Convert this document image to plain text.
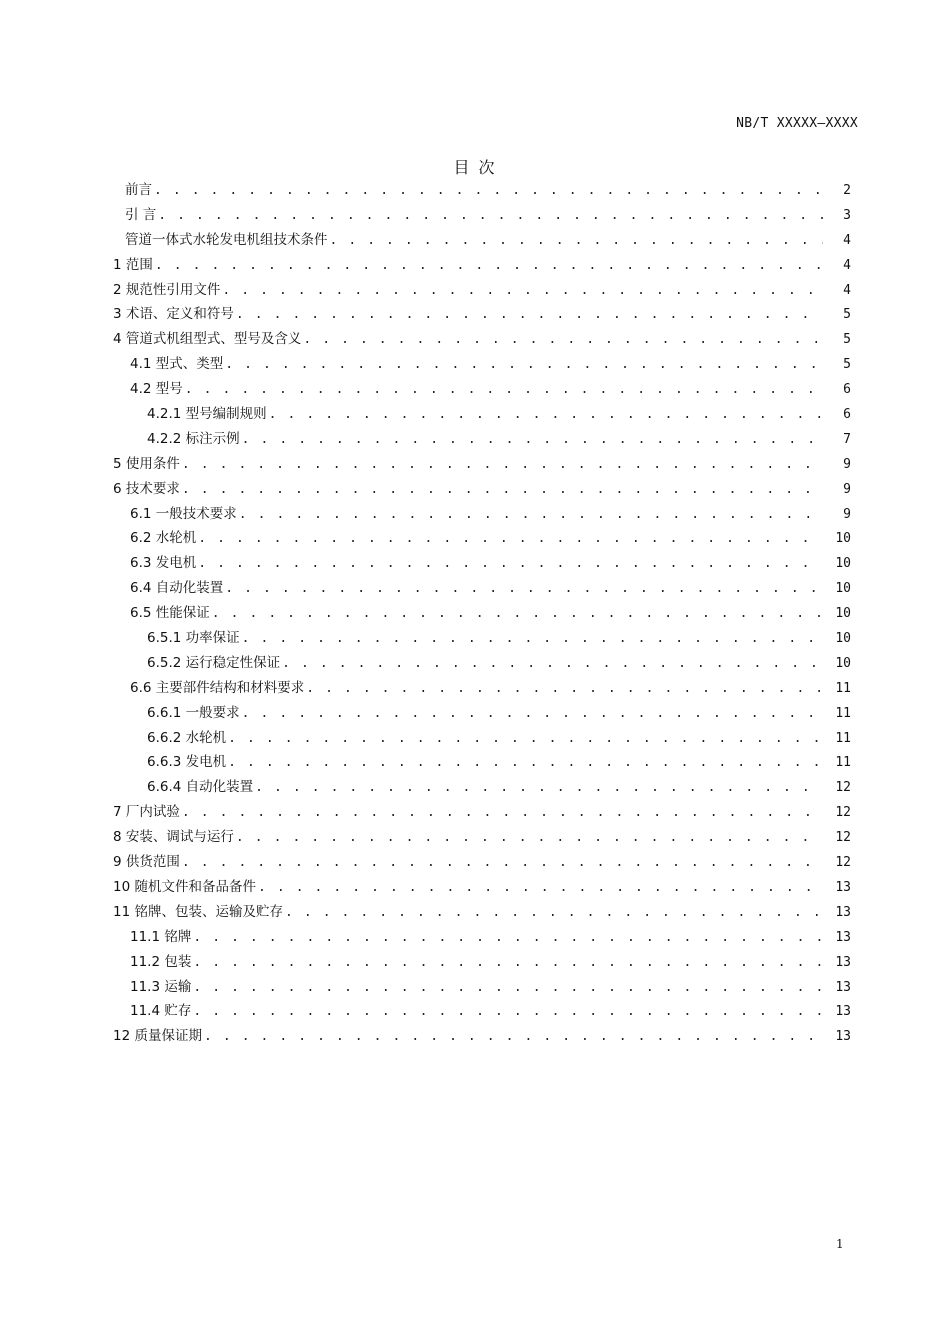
NB/T XXXXX—XXXX
目 次
前言 . . .	2
引 言 . . .	3
管道一体式水轮发电机组技术条件 . . .	4
1 范围 . . .	4
2 规范性引用文件 . . .	4
3 术语、定义和符号 . . .	5
4 管道式机组型式、型号及含义 . . .	5
4.1 型式、类型 . . .	5
4.2 型号 . . .	6
4.2.1 型号编制规则 . . .	6
4.2.2 标注示例 . . .	7
5 使用条件 . . .	9
6 技术要求 . . .	9
6.1 一般技术要求 . . .	9
6.2 水轮机 . . .	10
6.3 发电机 . . .	10
6.4 自动化装置 . . .	10
6.5 性能保证 . . .	10
6.5.1 功率保证 . . .	10
6.5.2 运行稳定性保证 . . .	10
6.6 主要部件结构和材料要求 . . .	11
6.6.1 一般要求 . . .	11
6.6.2 水轮机 . . .	11
6.6.3 发电机 . . .	11
6.6.4 自动化装置 . . .	12
7 厂内试验 . . .	12
8 安装、调试与运行 . . .	12
9 供货范围 . . .	12
10 随机文件和备品备件 . . .	13
11 铭牌、包装、运输及贮存 . . .	13
11.1 铭牌 . . .	13
11.2 包装 . . .	13
11.3 运输 . . .	13
11.4 贮存 . . .	13
12 质量保证期 . . .	13
1
